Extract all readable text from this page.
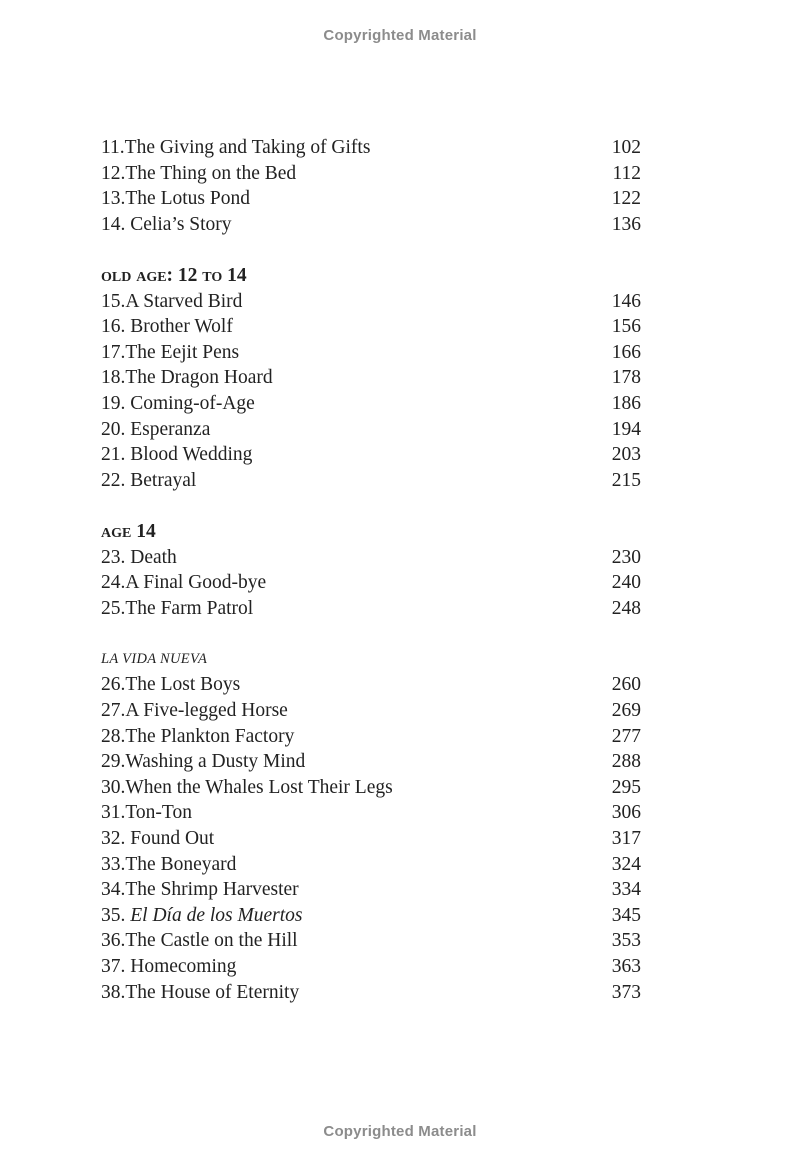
Copyrighted Material
11.The Giving and Taking of Gifts	102
12.The Thing on the Bed	112
13.The Lotus Pond	122
14. Celia’s Story	136
old age: 12 to 14
15.A Starved Bird	146
16. Brother Wolf	156
17.The Eejit Pens	166
18.The Dragon Hoard	178
19. Coming-of-Age	186
20. Esperanza	194
21. Blood Wedding	203
22. Betrayal	215
age 14
23. Death	230
24.A Final Good-bye	240
25.The Farm Patrol	248
LA VIDA NUEVA
26.The Lost Boys	260
27.A Five-legged Horse	269
28.The Plankton Factory	277
29.Washing a Dusty Mind	288
30.When the Whales Lost Their Legs	295
31.Ton-Ton	306
32. Found Out	317
33.The Boneyard	324
34.The Shrimp Harvester	334
35. El Día de los Muertos	345
36.The Castle on the Hill	353
37. Homecoming	363
38.The House of Eternity	373
Copyrighted Material
